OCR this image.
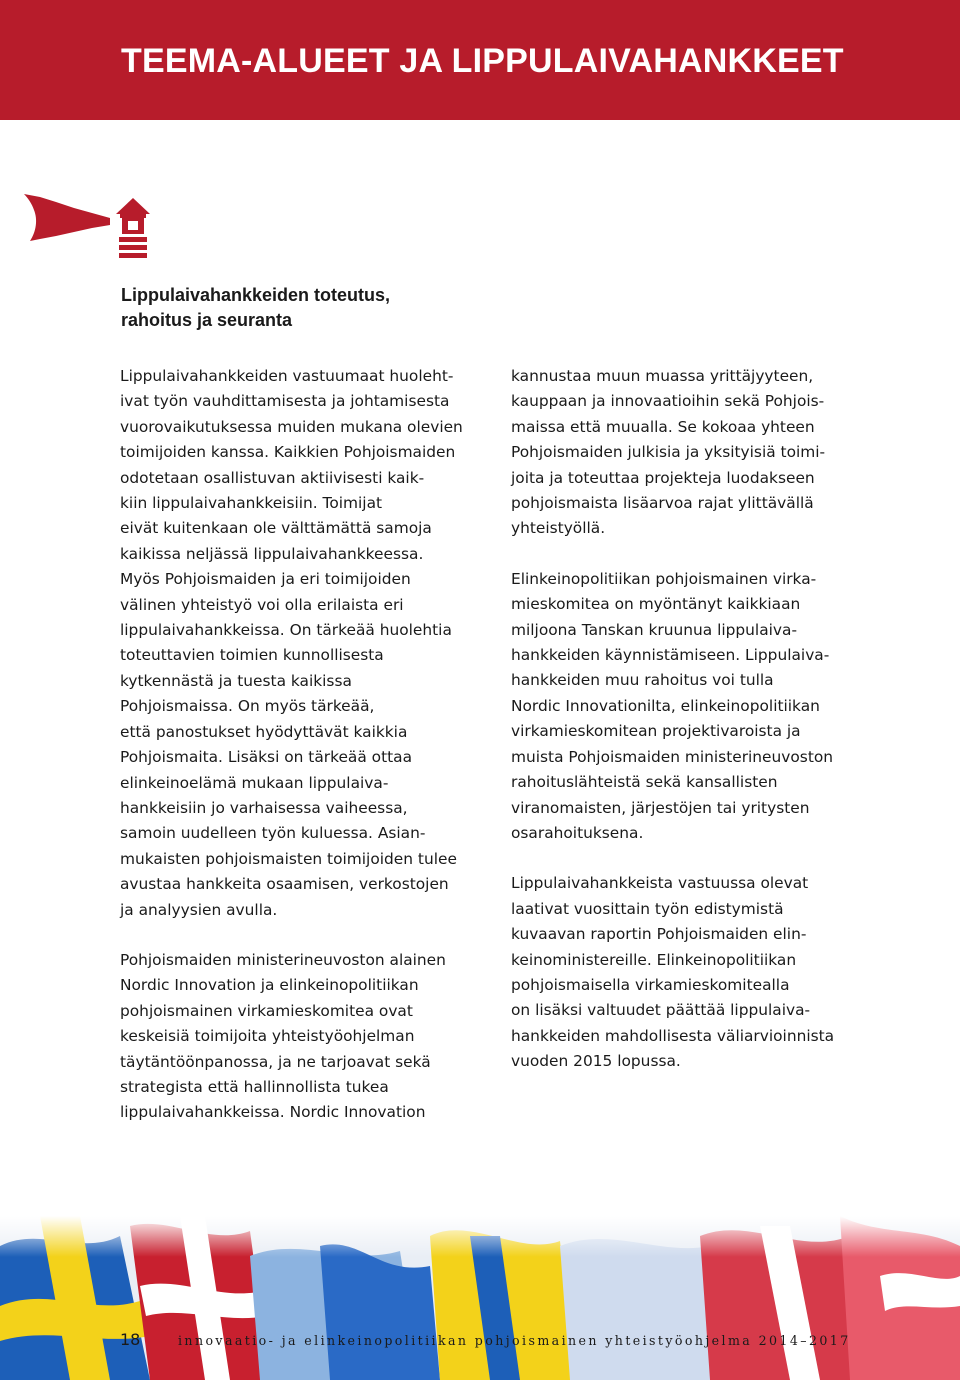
TEEMA-ALUEET JA LIPPULAIVAHANKKEET
Lippulaivahankkeiden toteutus,
rahoitus ja seuranta

Lippulaivahankkeiden vastuumaat huoleht-
ivat työn vauhdittamisesta ja johtamisesta
vuorovaikutuksessa muiden mukana olevien
toimijoiden kanssa. Kaikkien Pohjoismaiden
odotetaan osallistuvan aktiivisesti kaik-
kiin lippulaivahankkeisiin. Toimijat
eivät kuitenkaan ole välttämättä samoja
kaikissa neljässä lippulaivahankkeessa.
Myös Pohjoismaiden ja eri toimijoiden
välinen yhteistyö voi olla erilaista eri
lippulaivahankkeissa. On tärkeää huolehtia
toteuttavien toimien kunnollisesta
kytkennästä ja tuesta kaikissa
Pohjoismaissa. On myös tärkeää,
että panostukset hyödyttävät kaikkia
Pohjoismaita. Lisäksi on tärkeää ottaa
elinkeinoelämä mukaan lippulaiva-
hankkeisiin jo varhaisessa vaiheessa,
samoin uudelleen työn kuluessa. Asian-
mukaisten pohjoismaisten toimijoiden tulee
avustaa hankkeita osaamisen, verkostojen
ja analyysien avulla.

Pohjoismaiden ministerineuvoston alainen
Nordic Innovation ja elinkeinopolitiikan
pohjoismainen virkamieskomitea ovat
keskeisiä toimijoita yhteistyöohjelman
täytäntöönpanossa, ja ne tarjoavat sekä
strategista että hallinnollista tukea
lippulaivahankkeissa. Nordic Innovation

kannustaa muun muassa yrittäjyyteen,
kauppaan ja innovaatioihin sekä Pohjois-
maissa että muualla. Se kokoaa yhteen
Pohjoismaiden julkisia ja yksityisiä toimi-
joita ja toteuttaa projekteja luodakseen
pohjoismaista lisäarvoa rajat ylittävällä
yhteistyöllä.

Elinkeinopolitiikan pohjoismainen virka-
mieskomitea on myöntänyt kaikkiaan
miljoona Tanskan kruunua lippulaiva-
hankkeiden käynnistämiseen. Lippulaiva-
hankkeiden muu rahoitus voi tulla
Nordic Innovationilta, elinkeinopolitiikan
virkamieskomitean projektivaroista ja
muista Pohjoismaiden ministerineuvoston
rahoituslähteistä sekä kansallisten
viranomaisten, järjestöjen tai yritysten
osarahoituksena.

Lippulaivahankkeista vastuussa olevat
laativat vuosittain työn edistymistä
kuvaavan raportin Pohjoismaiden elin-
keinoministereille. Elinkeinopolitiikan
pohjoismaisella virkamieskomitealla
on lisäksi valtuudet päättää lippulaiva-
hankkeiden mahdollisesta väliarvioinnista
vuoden 2015 lopussa.

18	innovaatio- ja elinkeinopolitiikan pohjoismainen yhteistyöohjelma 2014–2017
